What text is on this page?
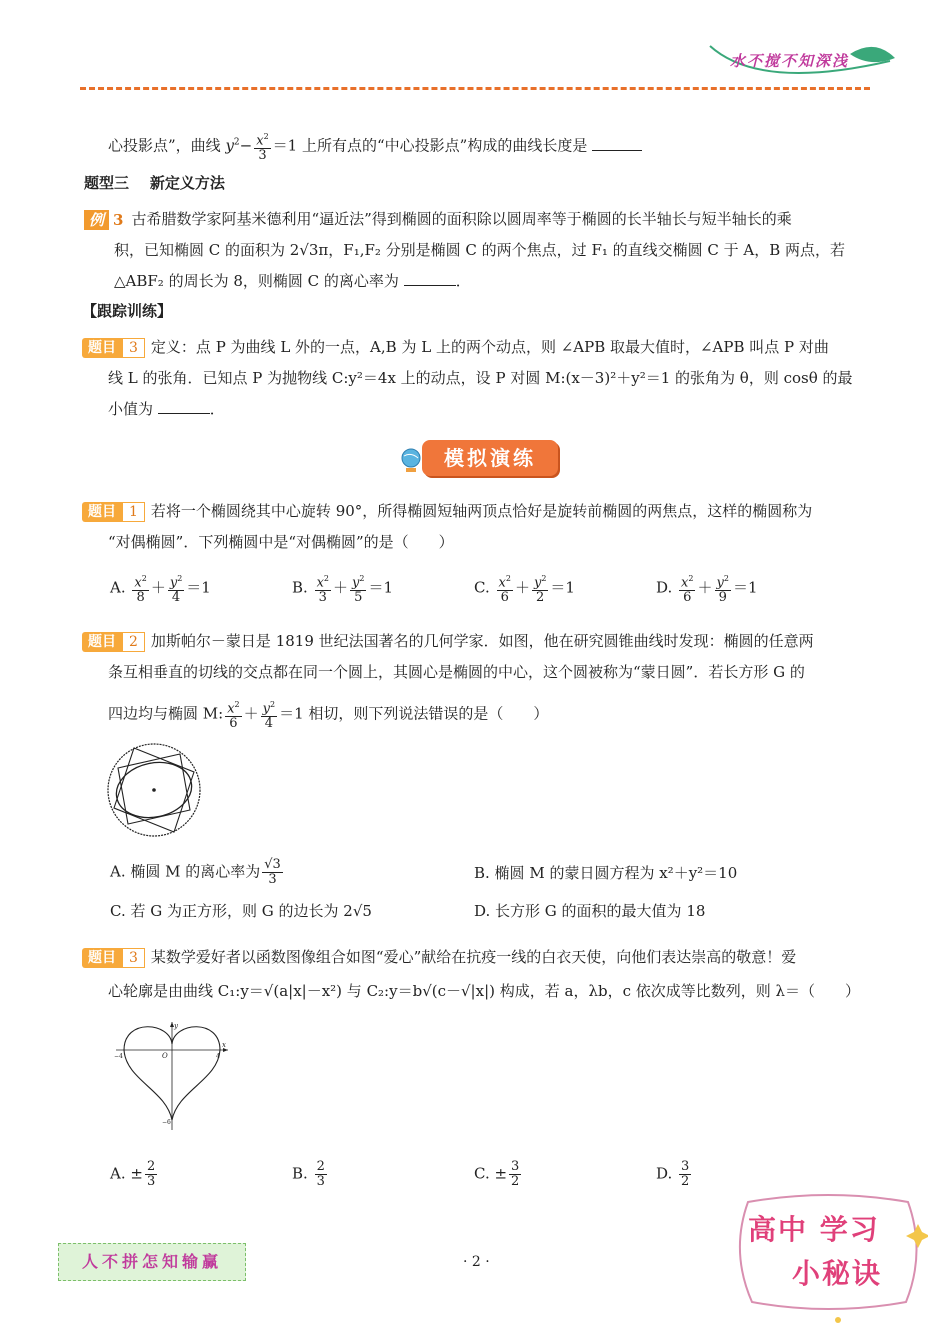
水不搅不知深浅
心投影点”，曲线 $y^2- \frac{x^2}{3} =1$ 上所有点的“中心投影点”构成的曲线长度是
题型三 新定义方法
例 3 古希腊数学家阿基米德利用“逼近法”得到椭圆的面积除以圆周率等于椭圆的长半轴长与短半轴长的乘
积，已知椭圆 C 的面积为 2√3π，F₁,F₂ 分别是椭圆 C 的两个焦点，过 F₁ 的直线交椭圆 C 于 A，B 两点，若
△ABF₂ 的周长为 8，则椭圆 C 的离心率为	．
【跟踪训练】
题目 3 定义：点 P 为曲线 L 外的一点，A,B 为 L 上的两个动点，则 ∠APB 取最大值时，∠APB 叫点 P 对曲
线 L 的张角．已知点 P 为抛物线 C:y²＝4x 上的动点，设 P 对圆 M:(x－3)²＋y²＝1 的张角为 θ，则 cosθ 的最
小值为	．
模拟演练
题目 1 若将一个椭圆绕其中心旋转 90°，所得椭圆短轴两顶点恰好是旋转前椭圆的两焦点，这样的椭圆称为
“对偶椭圆”．下列椭圆中是“对偶椭圆”的是（　　）
A. $\frac{x^2}{8} + \frac{y^2}{4} =1$	B. $\frac{x^2}{3} + \frac{y^2}{5} =1$	C. $\frac{x^2}{6} + \frac{y^2}{2} =1$	D. $\frac{x^2}{6} + \frac{y^2}{9} =1$
题目 2 加斯帕尔－蒙日是 1819 世纪法国著名的几何学家．如图，他在研究圆锥曲线时发现：椭圆的任意两
条互相垂直的切线的交点都在同一个圆上，其圆心是椭圆的中心，这个圆被称为“蒙日圆”．若长方形 G 的
四边均与椭圆 M: $\frac{x^2}{6} + \frac{y^2}{4} =1$ 相切，则下列说法错误的是（　　）
A. 椭圆 M 的离心率为 $\frac{√3}{3}$	B. 椭圆 M 的蒙日圆方程为 x²＋y²＝10
C. 若 G 为正方形，则 G 的边长为 2√5	D. 长方形 G 的面积的最大值为 18
题目 3 某数学爱好者以函数图像组合如图“爱心”献给在抗疫一线的白衣天使，向他们表达崇高的敬意！爱
心轮廓是由曲线 C₁:y＝√(a|x|－x²) 与 C₂:y＝b√(c－√|x|) 构成，若 a，λb，c 依次成等比数列，则 λ＝（　　）
y
x
O
−4	4
−6
A. ± $\frac{2}{3}$	B. $\frac{2}{3}$	C. ± $\frac{3}{2}$	D. $\frac{3}{2}$
人不拼怎知输赢	· 2 ·
高中 学习
小秘诀
